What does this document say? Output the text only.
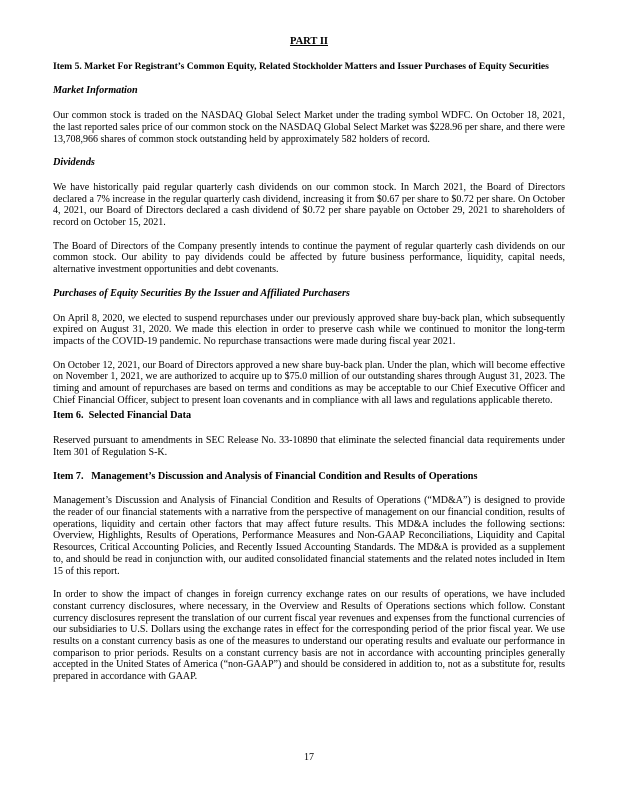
PART II
Item 5. Market For Registrant’s Common Equity, Related Stockholder Matters and Issuer Purchases of Equity Securities
Market Information

Our common stock is traded on the NASDAQ Global Select Market under the trading symbol WDFC. On October 18, 2021, the last reported sales price of our common stock on the NASDAQ Global Select Market was $228.96 per share, and there were 13,708,966 shares of common stock outstanding held by approximately 582 holders of record.

Dividends

We have historically paid regular quarterly cash dividends on our common stock. In March 2021, the Board of Directors declared a 7% increase in the regular quarterly cash dividend, increasing it from $0.67 per share to $0.72 per share. On October 4, 2021, our Board of Directors declared a cash dividend of $0.72 per share payable on October 29, 2021 to shareholders of record on October 15, 2021.

The Board of Directors of the Company presently intends to continue the payment of regular quarterly cash dividends on our common stock. Our ability to pay dividends could be affected by future business performance, liquidity, capital needs, alternative investment opportunities and debt covenants.

Purchases of Equity Securities By the Issuer and Affiliated Purchasers

On April 8, 2020, we elected to suspend repurchases under our previously approved share buy-back plan, which subsequently expired on August 31, 2020. We made this election in order to preserve cash while we continued to monitor the long-term impacts of the COVID-19 pandemic. No repurchase transactions were made during fiscal year 2021.

On October 12, 2021, our Board of Directors approved a new share buy-back plan. Under the plan, which will become effective on November 1, 2021, we are authorized to acquire up to $75.0 million of our outstanding shares through August 31, 2023. The timing and amount of repurchases are based on terms and conditions as may be acceptable to our Chief Executive Officer and Chief Financial Officer, subject to present loan covenants and in compliance with all laws and regulations applicable thereto.

Item 6.  Selected Financial Data

Reserved pursuant to amendments in SEC Release No. 33-10890 that eliminate the selected financial data requirements under Item 301 of Regulation S-K.

Item 7.   Management’s Discussion and Analysis of Financial Condition and Results of Operations

Management’s Discussion and Analysis of Financial Condition and Results of Operations (“MD&A”) is designed to provide the reader of our financial statements with a narrative from the perspective of management on our financial condition, results of operations, liquidity and certain other factors that may affect future results. This MD&A includes the following sections: Overview, Highlights, Results of Operations, Performance Measures and Non-GAAP Reconciliations, Liquidity and Capital Resources, Critical Accounting Policies, and Recently Issued Accounting Standards. The MD&A is provided as a supplement to, and should be read in conjunction with, our audited consolidated financial statements and the related notes included in Item 15 of this report.

In order to show the impact of changes in foreign currency exchange rates on our results of operations, we have included constant currency disclosures, where necessary, in the Overview and Results of Operations sections which follow. Constant currency disclosures represent the translation of our current fiscal year revenues and expenses from the functional currencies of our subsidiaries to U.S. Dollars using the exchange rates in effect for the corresponding period of the prior fiscal year. We use results on a constant currency basis as one of the measures to understand our operating results and evaluate our performance in comparison to prior periods. Results on a constant currency basis are not in accordance with accounting principles generally accepted in the United States of America (“non-GAAP”) and should be considered in addition to, not as a substitute for, results prepared in accordance with GAAP.

17
